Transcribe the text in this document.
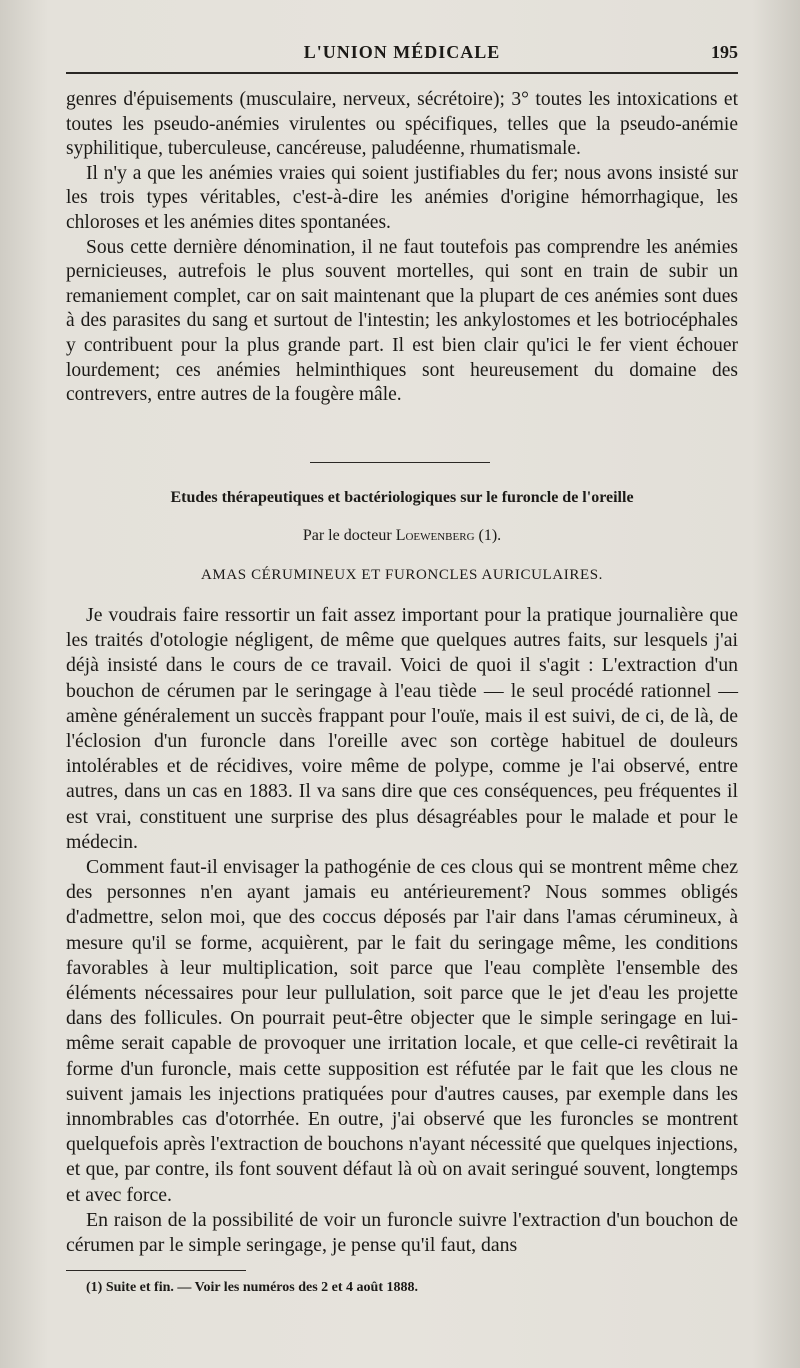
L'UNION MÉDICALE	195

genres d'épuisements (musculaire, nerveux, sécrétoire); 3° toutes les intoxications et toutes les pseudo-anémies virulentes ou spécifiques, telles que la pseudo-anémie syphilitique, tuberculeuse, cancéreuse, paludéenne, rhumatismale.

Il n'y a que les anémies vraies qui soient justifiables du fer; nous avons insisté sur les trois types véritables, c'est-à-dire les anémies d'origine hémorrhagique, les chloroses et les anémies dites spontanées.

Sous cette dernière dénomination, il ne faut toutefois pas comprendre les anémies pernicieuses, autrefois le plus souvent mortelles, qui sont en train de subir un remaniement complet, car on sait maintenant que la plupart de ces anémies sont dues à des parasites du sang et surtout de l'intestin; les ankylostomes et les botriocéphales y contribuent pour la plus grande part. Il est bien clair qu'ici le fer vient échouer lourdement; ces anémies helminthiques sont heureusement du domaine des contrevers, entre autres de la fougère mâle.

Etudes thérapeutiques et bactériologiques sur le furoncle de l'oreille
Par le docteur Loewenberg (1).
AMAS CÉRUMINEUX ET FURONCLES AURICULAIRES.

Je voudrais faire ressortir un fait assez important pour la pratique journalière que les traités d'otologie négligent, de même que quelques autres faits, sur lesquels j'ai déjà insisté dans le cours de ce travail. Voici de quoi il s'agit : L'extraction d'un bouchon de cérumen par le seringage à l'eau tiède — le seul procédé rationnel — amène généralement un succès frappant pour l'ouïe, mais il est suivi, de ci, de là, de l'éclosion d'un furoncle dans l'oreille avec son cortège habituel de douleurs intolérables et de récidives, voire même de polype, comme je l'ai observé, entre autres, dans un cas en 1883. Il va sans dire que ces conséquences, peu fréquentes il est vrai, constituent une surprise des plus désagréables pour le malade et pour le médecin.

Comment faut-il envisager la pathogénie de ces clous qui se montrent même chez des personnes n'en ayant jamais eu antérieurement? Nous sommes obligés d'admettre, selon moi, que des coccus déposés par l'air dans l'amas cérumineux, à mesure qu'il se forme, acquièrent, par le fait du seringage même, les conditions favorables à leur multiplication, soit parce que l'eau complète l'ensemble des éléments nécessaires pour leur pullulation, soit parce que le jet d'eau les projette dans des follicules. On pourrait peut-être objecter que le simple seringage en lui-même serait capable de provoquer une irritation locale, et que celle-ci revêtirait la forme d'un furoncle, mais cette supposition est réfutée par le fait que les clous ne suivent jamais les injections pratiquées pour d'autres causes, par exemple dans les innombrables cas d'otorrhée. En outre, j'ai observé que les furoncles se montrent quelquefois après l'extraction de bouchons n'ayant nécessité que quelques injections, et que, par contre, ils font souvent défaut là où on avait seringué souvent, longtemps et avec force.

En raison de la possibilité de voir un furoncle suivre l'extraction d'un bouchon de cérumen par le simple seringage, je pense qu'il faut, dans

(1) Suite et fin. — Voir les numéros des 2 et 4 août 1888.
